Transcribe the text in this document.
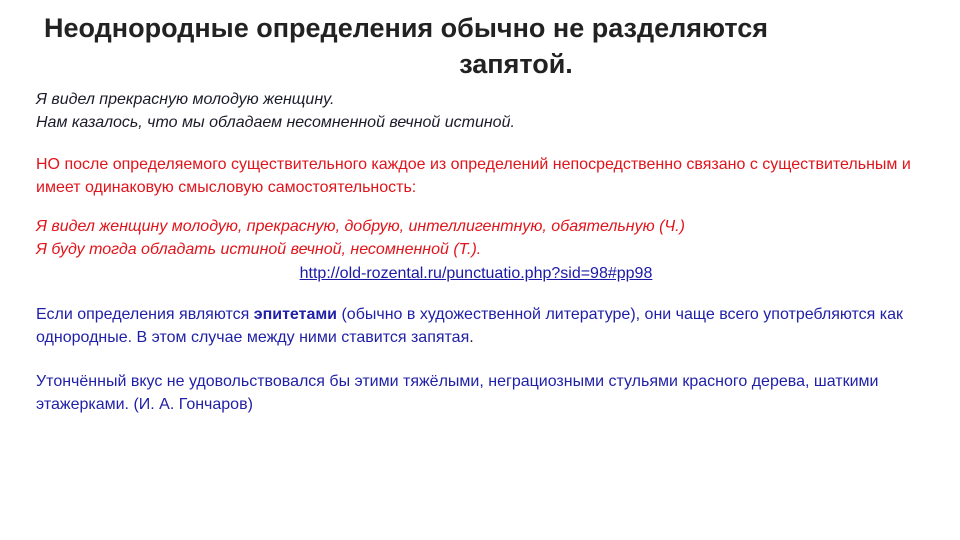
Неоднородные определения обычно не разделяются
запятой.

Я видел прекрасную молодую женщину.

Нам казалось, что мы обладаем несомненной вечной истиной.

НО после определяемого существительного каждое из определений непосредственно связано с существительным и имеет одинаковую смысловую самостоятельность:

Я видел женщину молодую, прекрасную, добрую, интеллигентную, обаятельную (Ч.)

Я буду тогда обладать истиной вечной, несомненной (Т.).

http://old-rozental.ru/punctuatio.php?sid=98#pp98

Если определения являются эпитетами (обычно в художественной литературе), они чаще всего употребляются как однородные. В этом случае между ними ставится запятая.

Утончённый вкус не удовольствовался бы этими тяжёлыми, неграциозными стульями красного дерева, шаткими этажерками. (И. А. Гончаров)
